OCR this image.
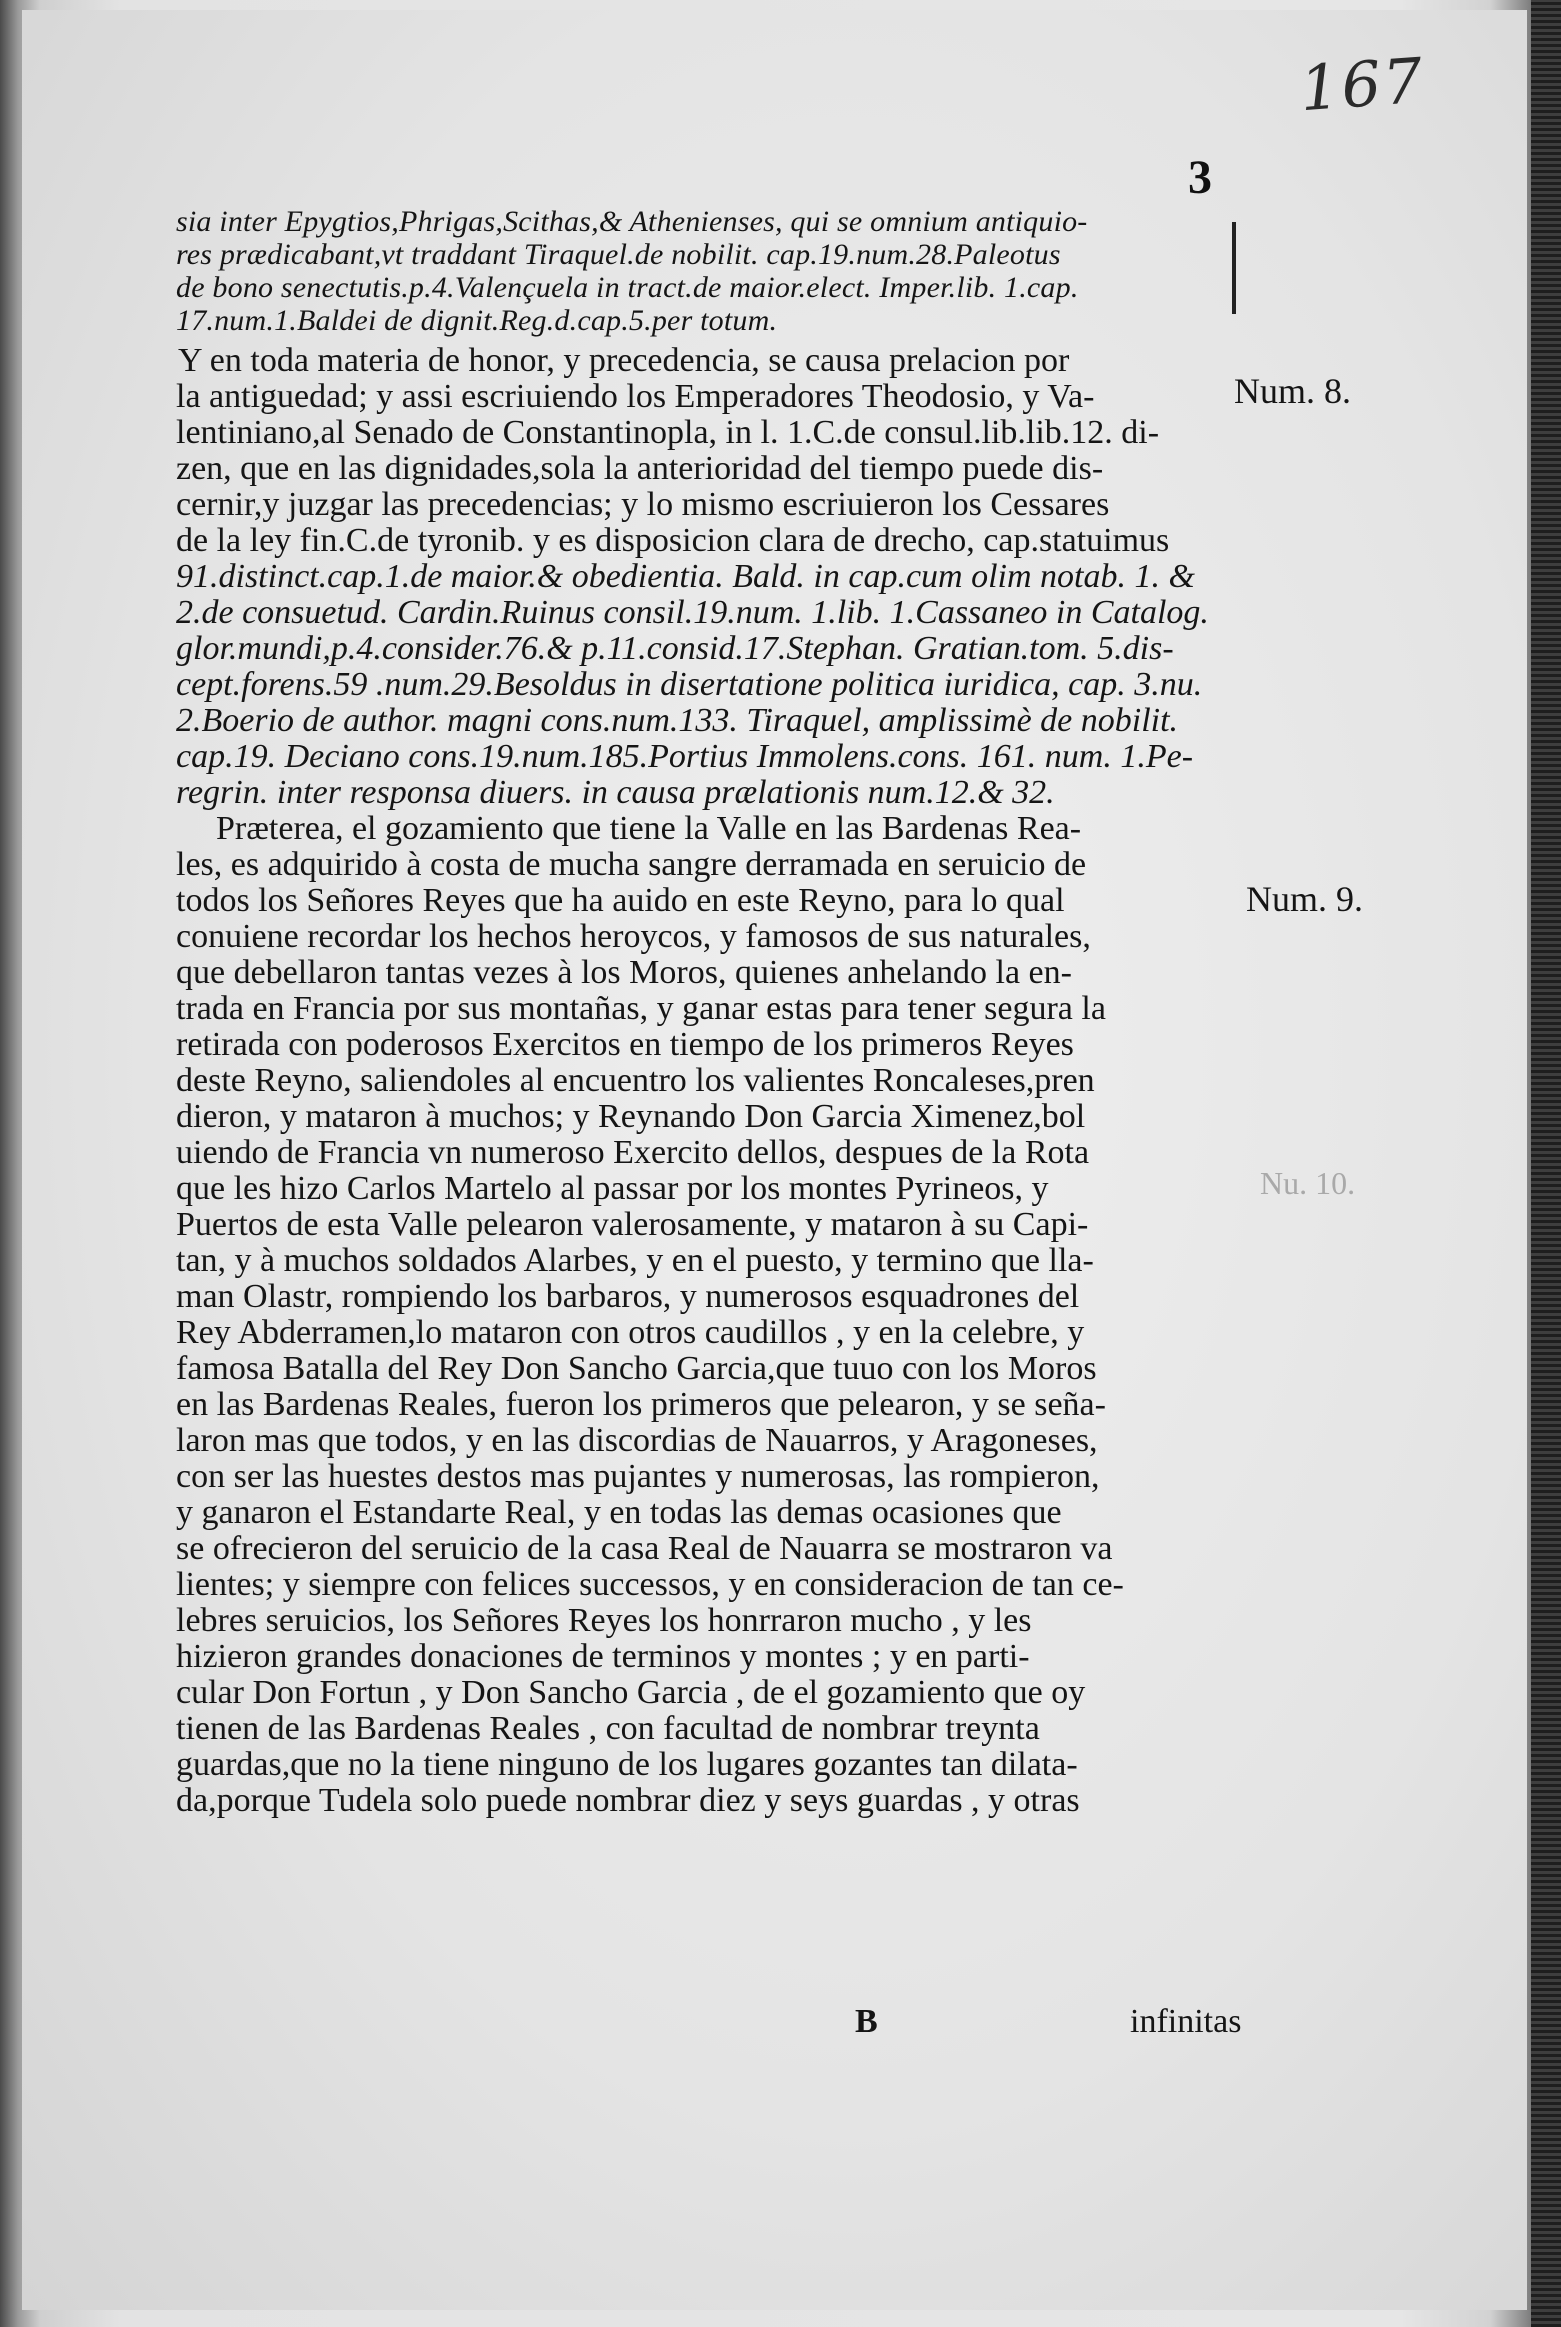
167
3
sia inter Epygtios,Phrigas,Scithas,& Athenienses, qui se omnium antiquio-
res prædicabant,vt traddant Tiraquel.de nobilit. cap.19.num.28.Paleotus
de bono senectutis.p.4.Valençuela in tract.de maior.elect. Imper.lib. 1.cap.
17.num.1.Baldei de dignit.Reg.d.cap.5.per totum.
Y en toda materia de honor, y precedencia, se causa prelacion por
la antiguedad; y assi escriuiendo los Emperadores Theodosio, y Va-
lentiniano,al Senado de Constantinopla, in l. 1.C.de consul.lib.lib.12. di-
zen, que en las dignidades,sola la anterioridad del tiempo puede dis-
cernir,y juzgar las precedencias; y lo mismo escriuieron los Cessares
de la ley fin.C.de tyronib. y es disposicion clara de drecho, cap.statuimus
91.distinct.cap.1.de maior.& obedientia. Bald. in cap.cum olim notab. 1. &
2.de consuetud. Cardin.Ruinus consil.19.num. 1.lib. 1.Cassaneo in Catalog.
glor.mundi,p.4.consider.76.& p.11.consid.17.Stephan. Gratian.tom. 5.dis-
cept.forens.59 .num.29.Besoldus in disertatione politica iuridica, cap. 3.nu.
2.Boerio de author. magni cons.num.133. Tiraquel, amplissimè de nobilit.
cap.19. Deciano cons.19.num.185.Portius Immolens.cons. 161. num. 1.Pe-
regrin. inter responsa diuers. in causa prælationis num.12.& 32.
Præterea, el gozamiento que tiene la Valle en las Bardenas Rea-
les, es adquirido à costa de mucha sangre derramada en seruicio de
todos los Señores Reyes que ha auido en este Reyno, para lo qual
conuiene recordar los hechos heroycos, y famosos de sus naturales,
que debellaron tantas vezes à los Moros, quienes anhelando la en-
trada en Francia por sus montañas, y ganar estas para tener segura la
retirada con poderosos Exercitos en tiempo de los primeros Reyes
deste Reyno, saliendoles al encuentro los valientes Roncaleses,pren
dieron, y mataron à muchos; y Reynando Don Garcia Ximenez,bol
uiendo de Francia vn numeroso Exercito dellos, despues de la Rota
que les hizo Carlos Martelo al passar por los montes Pyrineos, y
Puertos de esta Valle pelearon valerosamente, y mataron à su Capi-
tan, y à muchos soldados Alarbes, y en el puesto, y termino que lla-
man Olastr, rompiendo los barbaros, y numerosos esquadrones del
Rey Abderramen,lo mataron con otros caudillos , y en la celebre, y
famosa Batalla del Rey Don Sancho Garcia,que tuuo con los Moros
en las Bardenas Reales, fueron los primeros que pelearon, y se seña-
laron mas que todos, y en las discordias de Nauarros, y Aragoneses,
con ser las huestes destos mas pujantes y numerosas, las rompieron,
y ganaron el Estandarte Real, y en todas las demas ocasiones que
se ofrecieron del seruicio de la casa Real de Nauarra se mostraron va
lientes; y siempre con felices successos, y en consideracion de tan ce-
lebres seruicios, los Señores Reyes los honrraron mucho , y les
hizieron grandes donaciones de terminos y montes ; y en parti-
cular Don Fortun , y Don Sancho Garcia , de el gozamiento que oy
tienen de las Bardenas Reales , con facultad de nombrar treynta
guardas,que no la tiene ninguno de los lugares gozantes tan dilata-
da,porque Tudela solo puede nombrar diez y seys guardas , y otras
Num. 8.
Num. 9.
Nu. 10.
B	infinitas
